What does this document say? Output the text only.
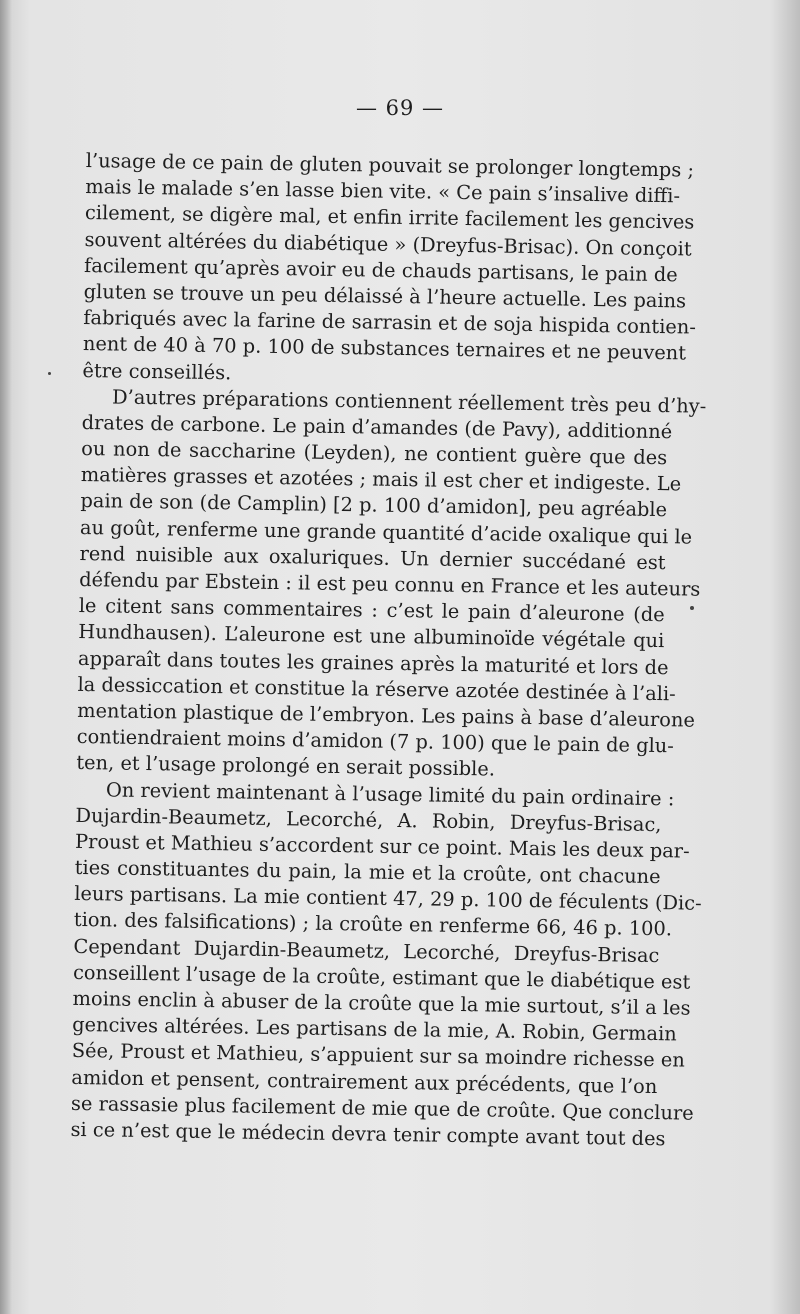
— 69 —
l’usage de ce pain de gluten pouvait se prolonger longtemps ;
mais le malade s’en lasse bien vite. « Ce pain s’insalive diffi-
cilement, se digère mal, et enfin irrite facilement les gencives
souvent altérées du diabétique » (Dreyfus-Brisac). On conçoit
facilement qu’après avoir eu de chauds partisans, le pain de
gluten se trouve un peu délaissé à l’heure actuelle. Les pains
fabriqués avec la farine de sarrasin et de soja hispida contien-
nent de 40 à 70 p. 100 de substances ternaires et ne peuvent
être conseillés.
D’autres préparations contiennent réellement très peu d’hy-
drates de carbone. Le pain d’amandes (de Pavy), additionné
ou non de saccharine (Leyden), ne contient guère que des
matières grasses et azotées ; mais il est cher et indigeste. Le
pain de son (de Camplin) [2 p. 100 d’amidon], peu agréable
au goût, renferme une grande quantité d’acide oxalique qui le
rend nuisible aux oxaluriques. Un dernier succédané est
défendu par Ebstein : il est peu connu en France et les auteurs
le citent sans commentaires : c’est le pain d’aleurone (de
Hundhausen). L’aleurone est une albuminoïde végétale qui
apparaît dans toutes les graines après la maturité et lors de
la dessiccation et constitue la réserve azotée destinée à l’ali-
mentation plastique de l’embryon. Les pains à base d’aleurone
contiendraient moins d’amidon (7 p. 100) que le pain de glu-
ten, et l’usage prolongé en serait possible.
On revient maintenant à l’usage limité du pain ordinaire :
Dujardin-Beaumetz, Lecorché, A. Robin, Dreyfus-Brisac,
Proust et Mathieu s’accordent sur ce point. Mais les deux par-
ties constituantes du pain, la mie et la croûte, ont chacune
leurs partisans. La mie contient 47, 29 p. 100 de féculents (Dic-
tion. des falsifications) ; la croûte en renferme 66, 46 p. 100.
Cependant Dujardin-Beaumetz, Lecorché, Dreyfus-Brisac
conseillent l’usage de la croûte, estimant que le diabétique est
moins enclin à abuser de la croûte que la mie surtout, s’il a les
gencives altérées. Les partisans de la mie, A. Robin, Germain
Sée, Proust et Mathieu, s’appuient sur sa moindre richesse en
amidon et pensent, contrairement aux précédents, que l’on
se rassasie plus facilement de mie que de croûte. Que conclure
si ce n’est que le médecin devra tenir compte avant tout des
